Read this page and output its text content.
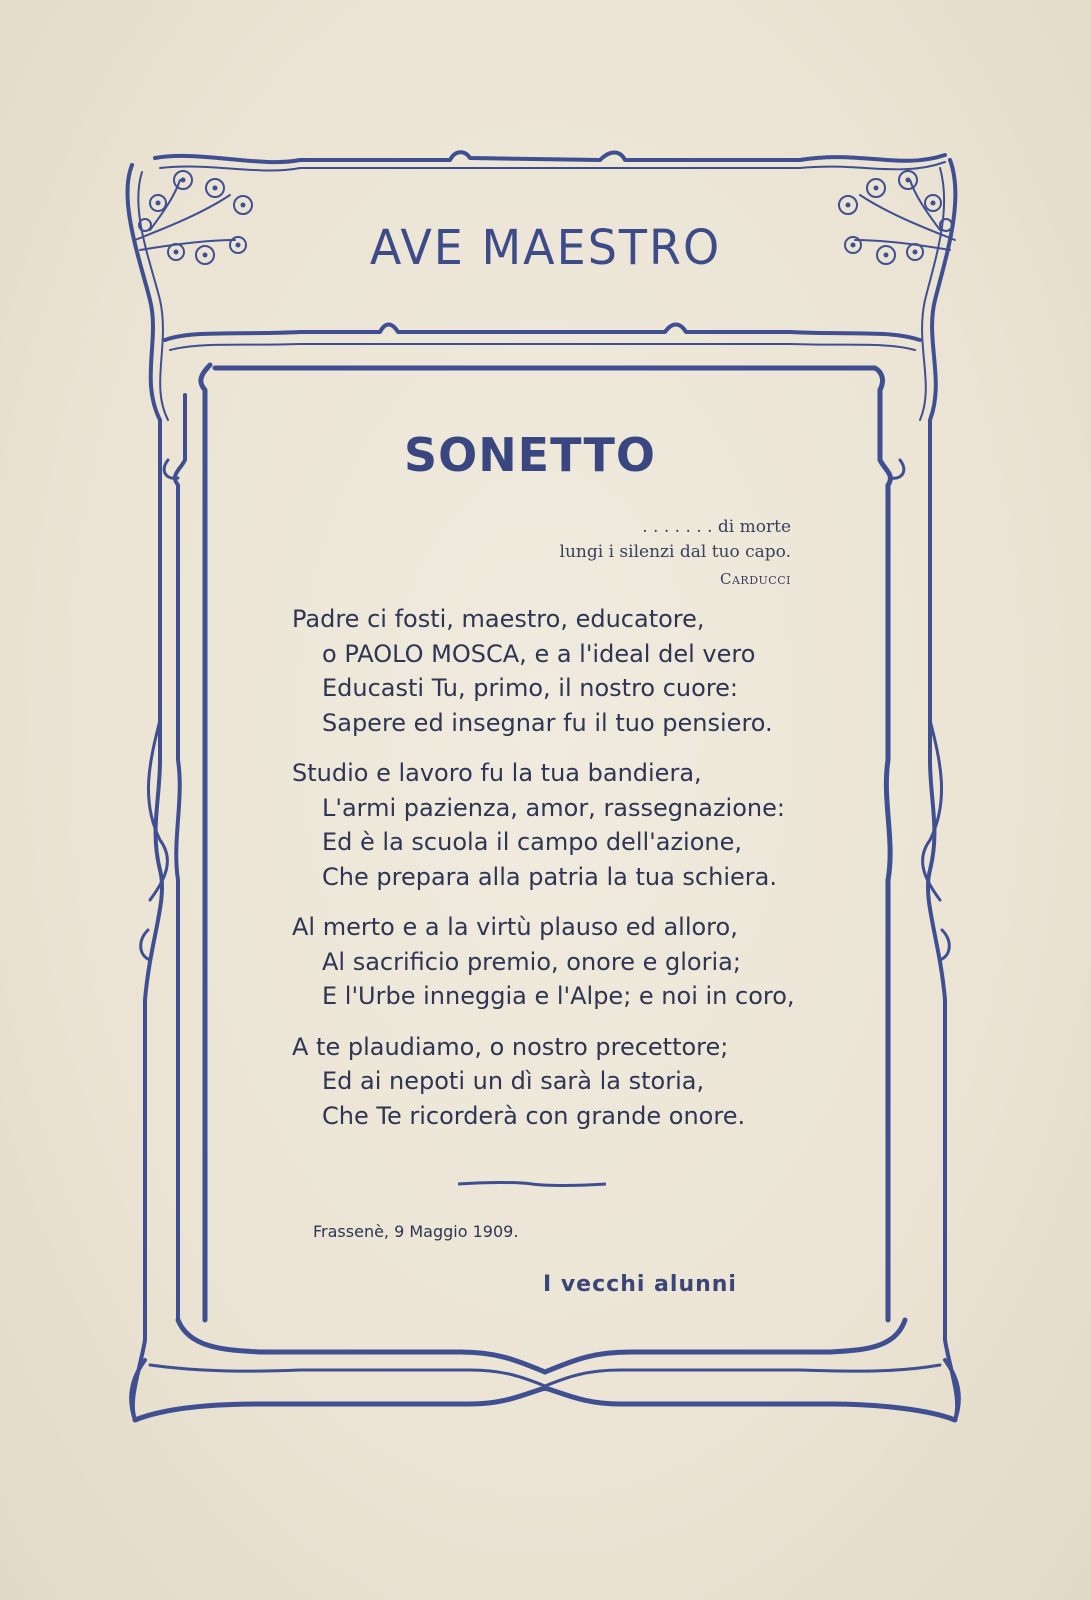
AVE MAESTRO
SONETTO
. . . . . . . di morte
lungi i silenzi dal tuo capo.
Carducci
Padre ci fosti, maestro, educatore,
o PAOLO MOSCA, e a l'ideal del vero
Educasti Tu, primo, il nostro cuore:
Sapere ed insegnar fu il tuo pensiero.
Studio e lavoro fu la tua bandiera,
L'armi pazienza, amor, rassegnazione:
Ed è la scuola il campo dell'azione,
Che prepara alla patria la tua schiera.
Al merto e a la virtù plauso ed alloro,
Al sacrificio premio, onore e gloria;
E l'Urbe inneggia e l'Alpe; e noi in coro,
A te plaudiamo, o nostro precettore;
Ed ai nepoti un dì sarà la storia,
Che Te ricorderà con grande onore.
Frassenè, 9 Maggio 1909.
I vecchi alunni
